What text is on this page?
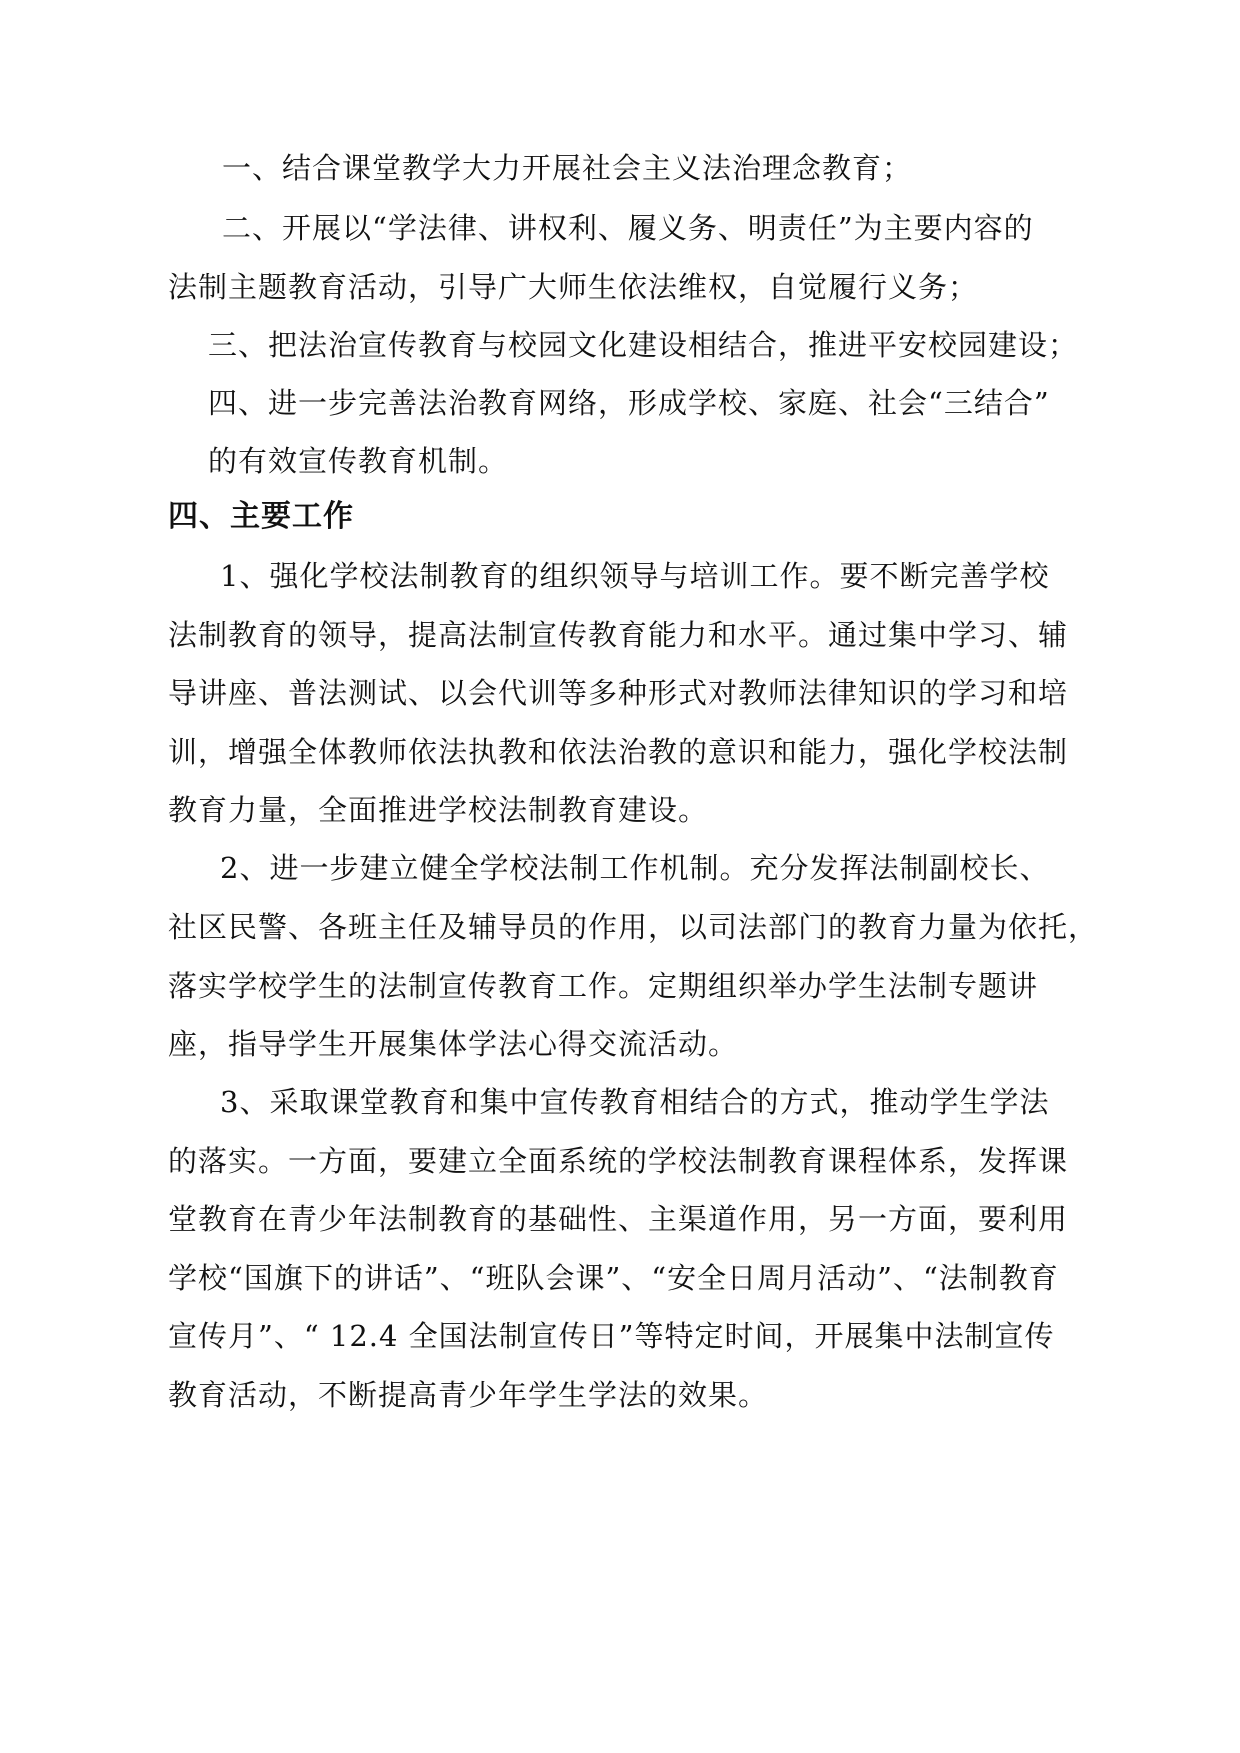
一、结合课堂教学大力开展社会主义法治理念教育；
二、开展以“学法律、讲权利、履义务、明责任”为主要内容的
法制主题教育活动，引导广大师生依法维权，自觉履行义务；
三、把法治宣传教育与校园文化建设相结合，推进平安校园建设；
四、进一步完善法治教育网络，形成学校、家庭、社会“三结合”
的有效宣传教育机制。
四、主要工作
1、强化学校法制教育的组织领导与培训工作。要不断完善学校
法制教育的领导，提高法制宣传教育能力和水平。通过集中学习、辅
导讲座、普法测试、以会代训等多种形式对教师法律知识的学习和培
训，增强全体教师依法执教和依法治教的意识和能力，强化学校法制
教育力量，全面推进学校法制教育建设。
2、进一步建立健全学校法制工作机制。充分发挥法制副校长、
社区民警、各班主任及辅导员的作用，以司法部门的教育力量为依托，
落实学校学生的法制宣传教育工作。定期组织举办学生法制专题讲
座，指导学生开展集体学法心得交流活动。
3、采取课堂教育和集中宣传教育相结合的方式，推动学生学法
的落实。一方面，要建立全面系统的学校法制教育课程体系，发挥课
堂教育在青少年法制教育的基础性、主渠道作用，另一方面，要利用
学校“国旗下的讲话”、“班队会课”、“安全日周月活动”、“法制教育
宣传月”、“ 12.4 全国法制宣传日”等特定时间，开展集中法制宣传
教育活动，不断提高青少年学生学法的效果。
